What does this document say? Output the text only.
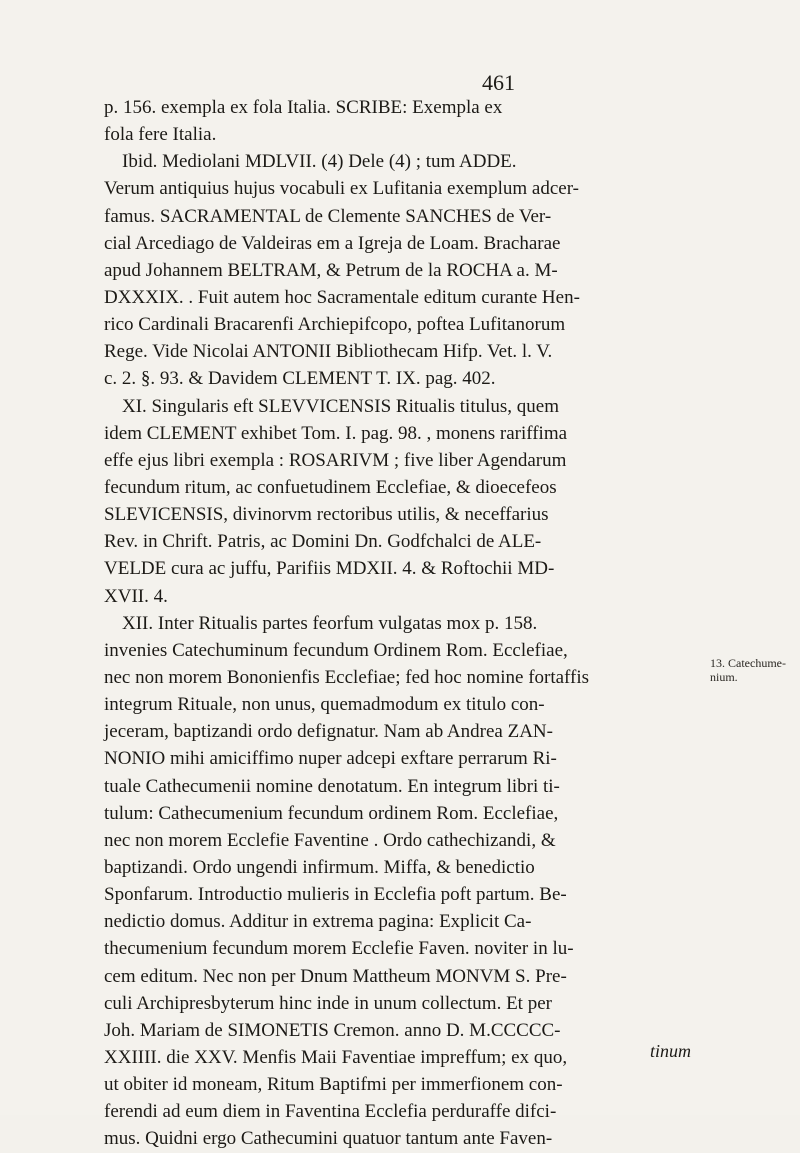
461
p. 156. exempla ex fola Italia. SCRIBE: Exempla ex
fola fere Italia.
Ibid. Mediolani MDLVII. (4) Dele (4) ; tum ADDE.
Verum antiquius hujus vocabuli ex Lufitania exemplum adcer-
famus. SACRAMENTAL de Clemente SANCHES de Ver-
cial Arcediago de Valdeiras em a Igreja de Loam. Bracharae
apud Johannem BELTRAM, & Petrum de la ROCHA a. M-
DXXXIX. . Fuit autem hoc Sacramentale editum curante Hen-
rico Cardinali Bracarenfi Archiepifcopo, poftea Lufitanorum
Rege. Vide Nicolai ANTONII Bibliothecam Hifp. Vet. l. V.
c. 2. §. 93. & Davidem CLEMENT T. IX. pag. 402.
XI. Singularis eft SLEVVICENSIS Ritualis titulus, quem
idem CLEMENT exhibet Tom. I. pag. 98. , monens rariffima
effe ejus libri exempla : ROSARIVM ; five liber Agendarum
fecundum ritum, ac confuetudinem Ecclefiae, & dioecefeos
SLEVICENSIS, divinorvm rectoribus utilis, & neceffarius
Rev. in Chrift. Patris, ac Domini Dn. Godfchalci de ALE-
VELDE cura ac juffu, Parifiis MDXII. 4. & Roftochii MD-
XVII. 4.
XII. Inter Ritualis partes feorfum vulgatas mox p. 158.
invenies Catechuminum fecundum Ordinem Rom. Ecclefiae,
nec non morem Bononienfis Ecclefiae; fed hoc nomine fortaffis
integrum Rituale, non unus, quemadmodum ex titulo con-
jeceram, baptizandi ordo defignatur. Nam ab Andrea ZAN-
NONIO mihi amiciffimo nuper adcepi exftare perrarum Ri-
tuale Cathecumenii nomine denotatum. En integrum libri ti-
tulum: Cathecumenium fecundum ordinem Rom. Ecclefiae,
nec non morem Ecclefie Faventine . Ordo cathechizandi, &
baptizandi. Ordo ungendi infirmum. Miffa, & benedictio
Sponfarum. Introductio mulieris in Ecclefia poft partum. Be-
nedictio domus. Additur in extrema pagina: Explicit Ca-
thecumenium fecundum morem Ecclefie Faven. noviter in lu-
cem editum. Nec non per Dnum Mattheum MONVM S. Pre-
culi Archipresbyterum hinc inde in unum collectum. Et per
Joh. Mariam de SIMONETIS Cremon. anno D. M.CCCCC-
XXIIII. die XXV. Menfis Maii Faventiae impreffum; ex quo,
ut obiter id moneam, Ritum Baptifmi per immerfionem con-
ferendi ad eum diem in Faventina Ecclefia perduraffe difci-
mus. Quidni ergo Cathecumini quatuor tantum ante Faven-
13. Catechume-
nium.
tinum
